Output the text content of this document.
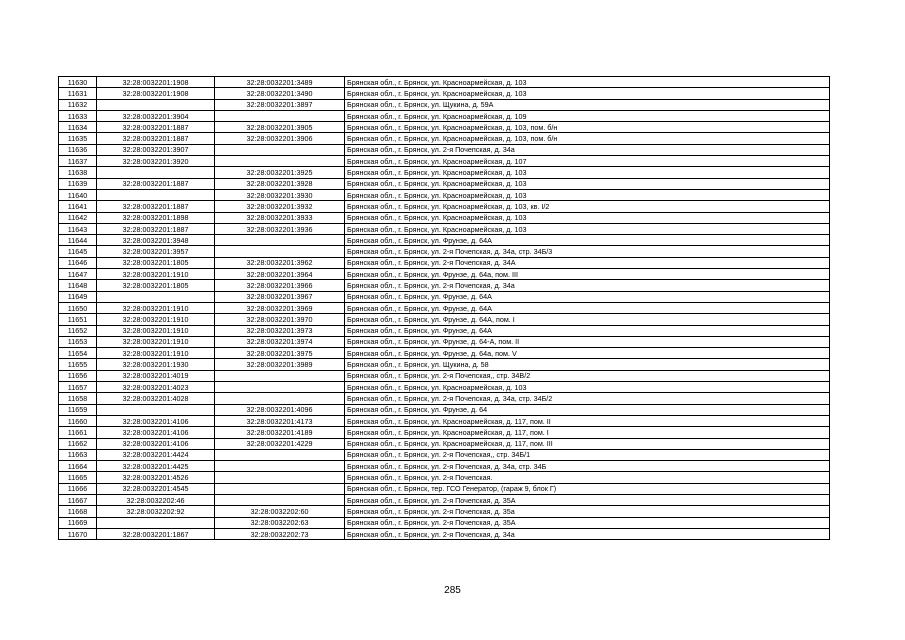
11630	32:28:0032201:1908	32:28:0032201:3489	Брянская обл., г. Брянск, ул. Красноармейская, д. 103
11631	32:28:0032201:1908	32:28:0032201:3490	Брянская обл., г. Брянск, ул. Красноармейская, д. 103
11632		32:28:0032201:3897	Брянская обл., г. Брянск, ул. Щукина, д. 59А
11633	32:28:0032201:3904		Брянская обл., г. Брянск, ул. Красноармейская, д. 109
11634	32:28:0032201:1887	32:28:0032201:3905	Брянская обл., г. Брянск, ул. Красноармейская, д. 103, пом. б/н
11635	32:28:0032201:1887	32:28:0032201:3906	Брянская обл., г. Брянск, ул. Красноармейская, д. 103, пом. б/н
11636	32:28:0032201:3907		Брянская обл., г. Брянск, ул. 2-я Почепская, д. 34а
11637	32:28:0032201:3920		Брянская обл., г. Брянск, ул. Красноармейская, д. 107
11638		32:28:0032201:3925	Брянская обл., г. Брянск, ул. Красноармейская, д. 103
11639	32:28:0032201:1887	32:28:0032201:3928	Брянская обл., г. Брянск, ул. Красноармейская, д. 103
11640		32:28:0032201:3930	Брянская обл., г. Брянск, ул. Красноармейская, д. 103
11641	32:28:0032201:1887	32:28:0032201:3932	Брянская обл., г. Брянск, ул. Красноармейская, д. 103, кв. I/2
11642	32:28:0032201:1898	32:28:0032201:3933	Брянская обл., г. Брянск, ул. Красноармейская, д. 103
11643	32:28:0032201:1887	32:28:0032201:3936	Брянская обл., г. Брянск, ул. Красноармейская, д. 103
11644	32:28:0032201:3948		Брянская обл., г. Брянск, ул. Фрунзе, д. 64А
11645	32:28:0032201:3957		Брянская обл., г. Брянск, ул. 2-я Почепская, д. 34а, стр. 34Б/3
11646	32:28:0032201:1805	32:28:0032201:3962	Брянская обл., г. Брянск, ул. 2-я Почепская, д. 34А
11647	32:28:0032201:1910	32:28:0032201:3964	Брянская обл., г. Брянск, ул. Фрунзе, д. 64а, пом. III
11648	32:28:0032201:1805	32:28:0032201:3966	Брянская обл., г. Брянск, ул. 2-я Почепская, д. 34а
11649		32:28:0032201:3967	Брянская обл., г. Брянск, ул. Фрунзе, д. 64А
11650	32:28:0032201:1910	32:28:0032201:3969	Брянская обл., г. Брянск, ул. Фрунзе, д. 64А
11651	32:28:0032201:1910	32:28:0032201:3970	Брянская обл., г. Брянск, ул. Фрунзе, д. 64А, пом. I
11652	32:28:0032201:1910	32:28:0032201:3973	Брянская обл., г. Брянск, ул. Фрунзе, д. 64А
11653	32:28:0032201:1910	32:28:0032201:3974	Брянская обл., г. Брянск, ул. Фрунзе, д. 64-А, пом. II
11654	32:28:0032201:1910	32:28:0032201:3975	Брянская обл., г. Брянск, ул. Фрунзе, д. 64а, пом. V
11655	32:28:0032201:1930	32:28:0032201:3989	Брянская обл., г. Брянск, ул. Щукина, д. 58
11656	32:28:0032201:4019		Брянская обл., г. Брянск, ул. 2-я Почепская,, стр. 34В/2
11657	32:28:0032201:4023		Брянская обл., г. Брянск, ул. Красноармейская, д. 103
11658	32:28:0032201:4028		Брянская обл., г. Брянск, ул. 2-я Почепская, д. 34а, стр. 34Б/2
11659		32:28:0032201:4096	Брянская обл., г. Брянск, ул. Фрунзе, д. 64
11660	32:28:0032201:4106	32:28:0032201:4173	Брянская обл., г. Брянск, ул. Красноармейская, д. 117, пом. II
11661	32:28:0032201:4106	32:28:0032201:4189	Брянская обл., г. Брянск, ул. Красноармейская, д. 117, пом. I
11662	32:28:0032201:4106	32:28:0032201:4229	Брянская обл., г. Брянск, ул. Красноармейская, д. 117, пом. III
11663	32:28:0032201:4424		Брянская обл., г. Брянск, ул. 2-я Почепская,, стр. 34Б/1
11664	32:28:0032201:4425		Брянская обл., г. Брянск, ул. 2-я Почепская, д. 34а, стр. 34Б
11665	32:28:0032201:4526		Брянская обл., г. Брянск, ул. 2-я Почепская.
11666	32:28:0032201:4545		Брянская обл., г. Брянск, тер. ГСО Генератор, (гараж 9, блок Г)
11667	32:28:0032202:46		Брянская обл., г. Брянск, ул. 2-я Почепская, д. 35А
11668	32:28:0032202:92	32:28:0032202:60	Брянская обл., г. Брянск, ул. 2-я Почепская, д. 35а
11669		32:28:0032202:63	Брянская обл., г. Брянск, ул. 2-я Почепская, д. 35А
11670	32:28:0032201:1867	32:28:0032202:73	Брянская обл., г. Брянск, ул. 2-я Почепская, д. 34а
285
